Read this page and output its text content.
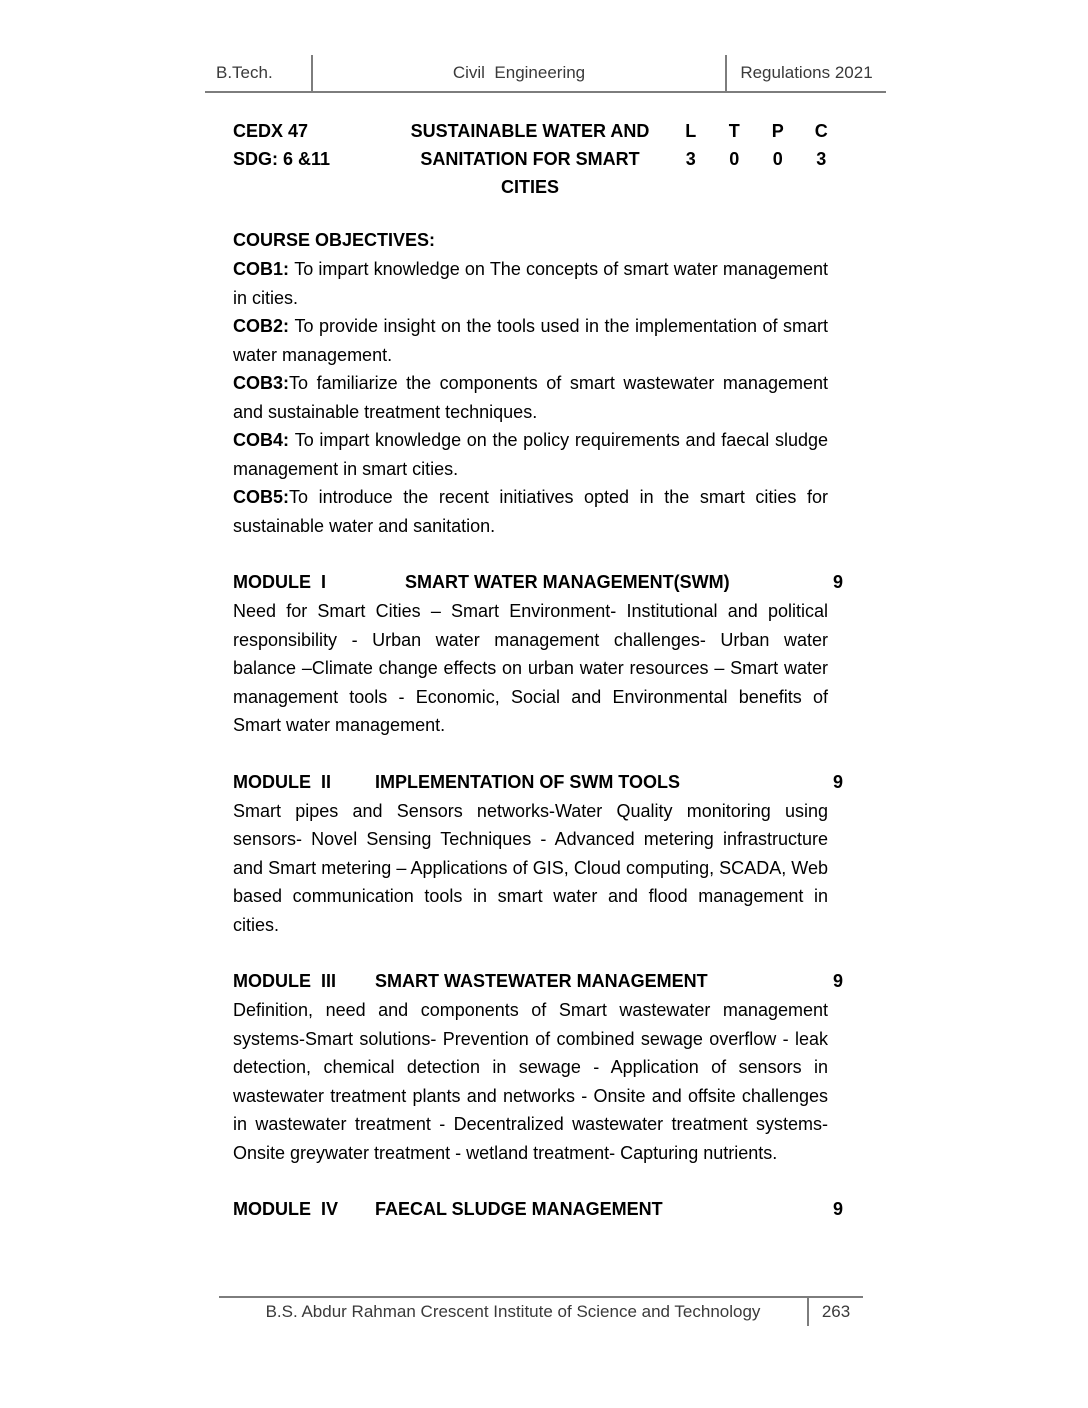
B.Tech.	Civil  Engineering	Regulations 2021
CEDX 47	SUSTAINABLE WATER AND	L	T	P	C
SDG: 6 &11	SANITATION FOR SMART	3	0	0	3
CITIES
COURSE OBJECTIVES:

COB1: To impart knowledge on The concepts of smart water management in cities.

COB2: To provide insight on the tools used in the implementation of smart water management.

COB3:To familiarize the components of smart wastewater management and sustainable treatment techniques.

COB4: To impart knowledge on the policy requirements and faecal sludge management in smart cities.

COB5:To introduce the recent initiatives opted in the smart cities for sustainable water and sanitation.

MODULE  I	SMART WATER MANAGEMENT(SWM)	9

Need for Smart Cities – Smart Environment- Institutional and political responsibility - Urban water management challenges- Urban water balance –Climate change effects on urban water resources – Smart water management tools - Economic, Social and Environmental benefits of Smart water management.

MODULE  II	IMPLEMENTATION OF SWM TOOLS	9

Smart pipes and Sensors networks-Water Quality monitoring using sensors- Novel Sensing Techniques - Advanced metering infrastructure and Smart metering – Applications of GIS, Cloud computing, SCADA, Web based communication tools in smart water and flood management in cities.

MODULE  III	SMART WASTEWATER MANAGEMENT	9

Definition, need and components of Smart wastewater management systems-Smart solutions- Prevention of combined sewage overflow - leak detection, chemical detection in sewage - Application of sensors in wastewater treatment plants and networks - Onsite and offsite challenges in wastewater treatment - Decentralized wastewater treatment systems- Onsite greywater treatment - wetland treatment- Capturing nutrients.

MODULE  IV	FAECAL SLUDGE MANAGEMENT	9
B.S. Abdur Rahman Crescent Institute of Science and Technology	263
